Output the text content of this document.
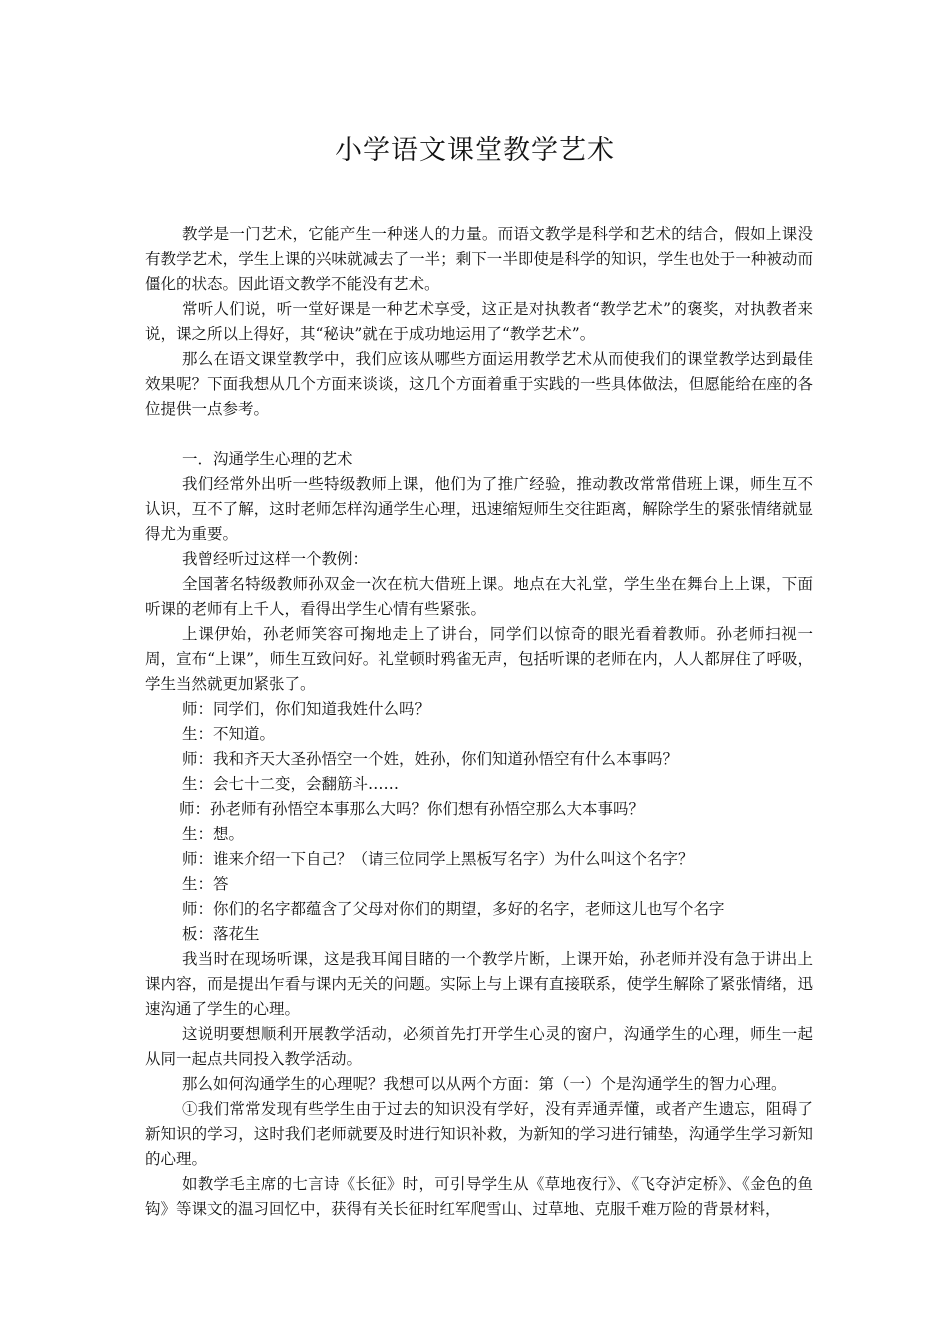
小学语文课堂教学艺术

教学是一门艺术，它能产生一种迷人的力量。而语文教学是科学和艺术的结合，假如上课没有教学艺术，学生上课的兴味就减去了一半；剩下一半即使是科学的知识，学生也处于一种被动而僵化的状态。因此语文教学不能没有艺术。

常听人们说，听一堂好课是一种艺术享受，这正是对执教者“教学艺术”的褒奖，对执教者来说，课之所以上得好，其“秘诀”就在于成功地运用了“教学艺术”。

那么在语文课堂教学中，我们应该从哪些方面运用教学艺术从而使我们的课堂教学达到最佳效果呢？下面我想从几个方面来谈谈，这几个方面着重于实践的一些具体做法，但愿能给在座的各位提供一点参考。

一．沟通学生心理的艺术

我们经常外出听一些特级教师上课，他们为了推广经验，推动教改常常借班上课，师生互不认识，互不了解，这时老师怎样沟通学生心理，迅速缩短师生交往距离，解除学生的紧张情绪就显得尤为重要。

我曾经听过这样一个教例：

全国著名特级教师孙双金一次在杭大借班上课。地点在大礼堂，学生坐在舞台上上课，下面听课的老师有上千人，看得出学生心情有些紧张。

上课伊始，孙老师笑容可掬地走上了讲台，同学们以惊奇的眼光看着教师。孙老师扫视一周，宣布“上课”，师生互致问好。礼堂顿时鸦雀无声，包括听课的老师在内，人人都屏住了呼吸，学生当然就更加紧张了。

师：同学们，你们知道我姓什么吗？

生：不知道。

师：我和齐天大圣孙悟空一个姓，姓孙，你们知道孙悟空有什么本事吗？

生：会七十二变，会翻筋斗……

师：孙老师有孙悟空本事那么大吗？你们想有孙悟空那么大本事吗？

生：想。

师：谁来介绍一下自己？（请三位同学上黑板写名字）为什么叫这个名字？

生：答

师：你们的名字都蕴含了父母对你们的期望，多好的名字，老师这儿也写个名字

板：落花生

我当时在现场听课，这是我耳闻目睹的一个教学片断，上课开始，孙老师并没有急于讲出上课内容，而是提出乍看与课内无关的问题。实际上与上课有直接联系，使学生解除了紧张情绪，迅速沟通了学生的心理。

这说明要想顺利开展教学活动，必须首先打开学生心灵的窗户，沟通学生的心理，师生一起从同一起点共同投入教学活动。

那么如何沟通学生的心理呢？我想可以从两个方面：第（一）个是沟通学生的智力心理。

①我们常常发现有些学生由于过去的知识没有学好，没有弄通弄懂，或者产生遗忘，阻碍了新知识的学习，这时我们老师就要及时进行知识补救，为新知的学习进行铺垫，沟通学生学习新知的心理。

如教学毛主席的七言诗《长征》时，可引导学生从《草地夜行》、《飞夺泸定桥》、《金色的鱼钩》等课文的温习回忆中，获得有关长征时红军爬雪山、过草地、克服千难万险的背景材料，
